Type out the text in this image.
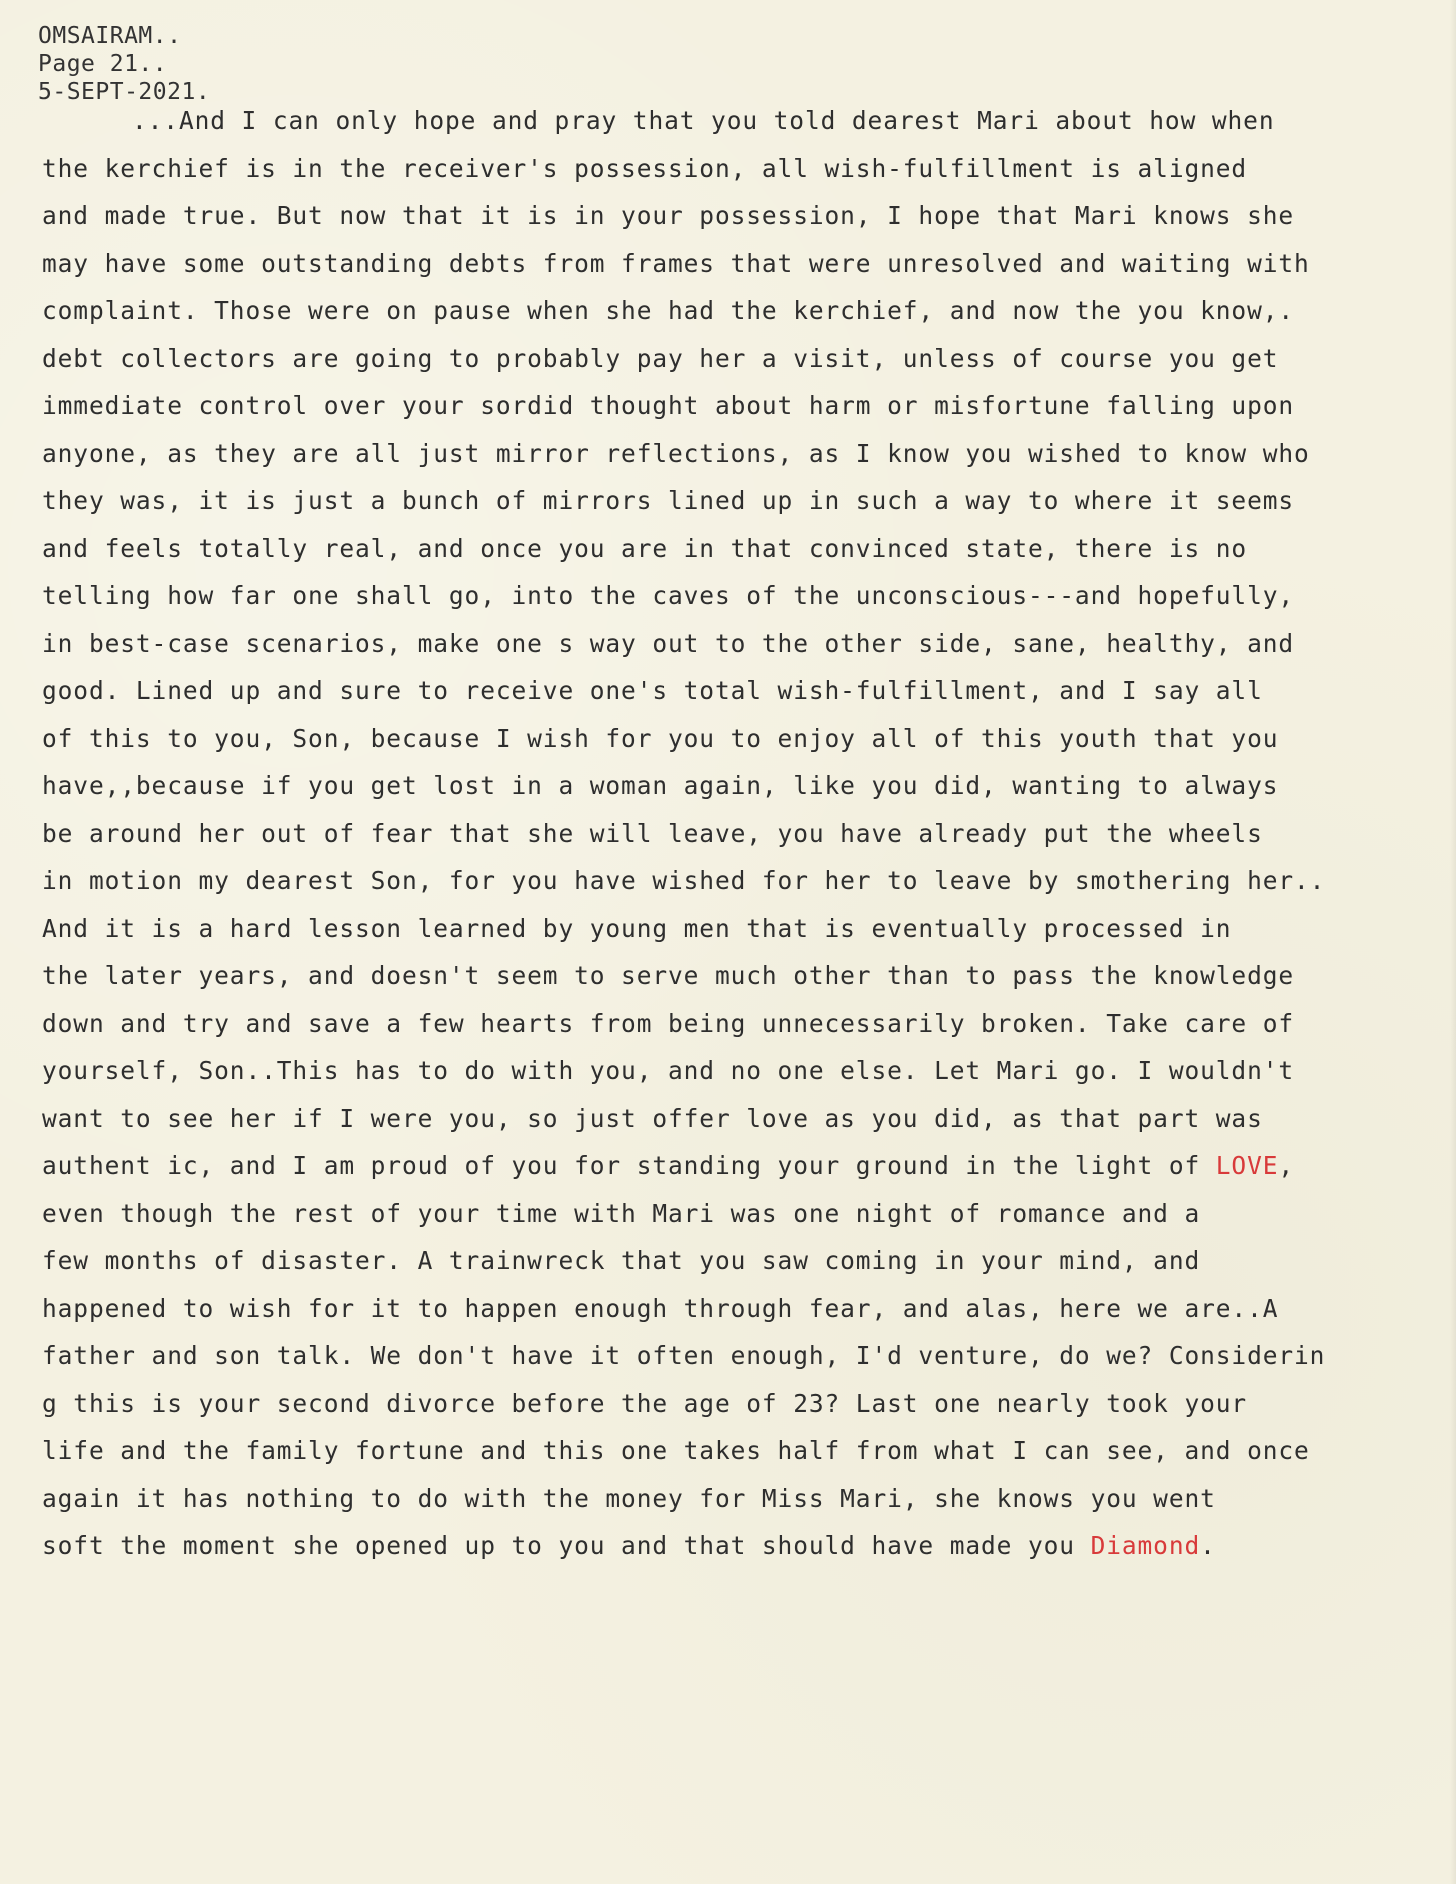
OMSAIRAM..
Page 21..
5-SEPT-2021.
...And I can only hope and pray that you told dearest Mari about how when
the kerchief is in the receiver's possession, all wish-fulfillment is aligned
and made true. But now that it is in your possession, I hope that Mari knows she
may have some outstanding debts from frames that were unresolved and waiting with
complaint. Those were on pause when she had the kerchief, and now the you know,.
debt collectors are going to probably pay her a visit, unless of course you get
immediate control over your sordid thought about harm or misfortune falling upon
anyone, as they are all just mirror reflections, as I know you wished to know who
they was, it is just a bunch of mirrors lined up in such a way to where it seems
and feels totally real, and once you are in that convinced state, there is no
telling how far one shall go, into the caves of the unconscious---and hopefully,
in best-case scenarios, make one s way out to the other side, sane, healthy, and
good. Lined up and sure to receive one's total wish-fulfillment, and I say all
of this to you, Son, because I wish for you to enjoy all of this youth that you
have,,because if you get lost in a woman again, like you did, wanting to always
be around her out of fear that she will leave, you have already put the wheels
in motion my dearest Son, for you have wished for her to leave by smothering her..
And it is a hard lesson learned by young men that is eventually processed in
the later years, and doesn't seem to serve much other than to pass the knowledge
down and try and save a few hearts from being unnecessarily broken. Take care of
yourself, Son..This has to do with you, and no one else. Let Mari go. I wouldn't
want to see her if I were you, so just offer love as you did, as that part was
authent ic, and I am proud of you for standing your ground in the light of LOVE,
even though the rest of your time with Mari was one night of romance and a
few months of disaster. A trainwreck that you saw coming in your mind, and
happened to wish for it to happen enough through fear, and alas, here we are..A
father and son talk. We don't have it often enough, I'd venture, do we? Considerin
g this is your second divorce before the age of 23? Last one nearly took your
life and the family fortune and this one takes half from what I can see, and once
again it has nothing to do with the money for Miss Mari, she knows you went
soft the moment she opened up to you and that should have made you Diamond.
